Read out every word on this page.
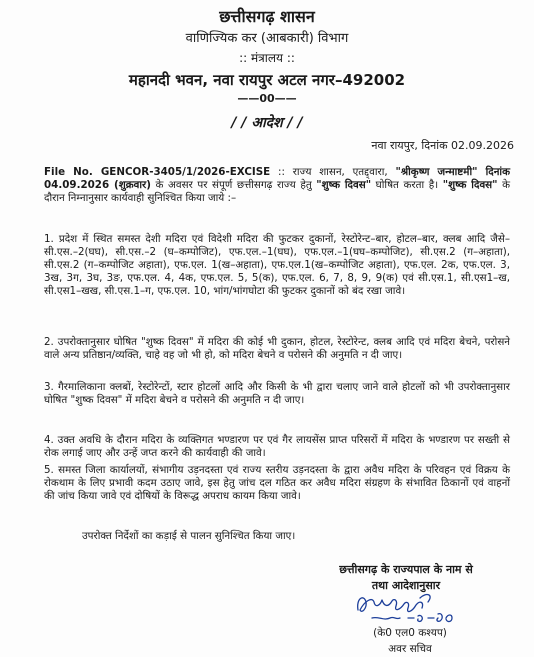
छत्तीसगढ़ शासन
वाणिज्यिक कर (आबकारी) विभाग
:: मंत्रालय ::
महानदी भवन, नवा रायपुर अटल नगर–492002
——00——
/ / आदेश / /
नवा रायपुर, दिनांक 02.09.2026
File No. GENCOR-3405/1/2026-EXCISE :: राज्य शासन, एतद्द्वारा, "श्रीकृष्ण जन्माष्टमी" दिनांक 04.09.2026 (शुक्रवार) के अवसर पर संपूर्ण छत्तीसगढ़ राज्य हेतु "शुष्क दिवस" घोषित करता है। "शुष्क दिवस" के दौरान निम्नानुसार कार्यवाही सुनिश्चित किया जाये :–
1. प्रदेश में स्थित समस्त देशी मदिरा एवं विदेशी मदिरा की फुटकर दुकानों, रेस्टोरेन्ट–बार, होटल–बार, क्लब आदि जैसे– सी.एस.–2(घघ), सी.एस.–2 (घ–कम्पोजिट), एफ.एल.–1(घघ), एफ.एल.–1(घघ–कम्पोजिट), सी.एस.2 (ग–अहाता), सी.एस.2 (ग–कम्पोजिट अहाता), एफ.एल. 1(ख–अहाता), एफ.एल.1(ख–कम्पोजिट अहाता), एफ.एल. 2क, एफ.एल. 3, 3ख, 3ग, 3घ, 3ङ, एफ.एल. 4, 4क, एफ.एल. 5, 5(क), एफ.एल. 6, 7, 8, 9, 9(क) एवं सी.एस.1, सी.एस1–ख, सी.एस1–खख, सी.एस.1–ग, एफ.एल. 10, भांग/भांगघोटा की फुटकर दुकानों को बंद रखा जावे।
2. उपरोक्तानुसार घोषित "शुष्क दिवस" में मदिरा की कोई भी दुकान, होटल, रेस्टोरेन्ट, क्लब आदि एवं मदिरा बेचने, परोसने वाले अन्य प्रतिष्ठान/व्यक्ति, चाहे वह जो भी हो, को मदिरा बेचने व परोसने की अनुमति न दी जाए।
3. गैरमालिकाना क्लबों, रेस्टोरेन्टों, स्टार होटलों आदि और किसी के भी द्वारा चलाए जाने वाले होटलों को भी उपरोक्तानुसार घोषित "शुष्क दिवस" में मदिरा बेचने व परोसने की अनुमति न दी जाए।
4. उक्त अवधि के दौरान मदिरा के व्यक्तिगत भण्डारण पर एवं गैर लायसेंस प्राप्त परिसरों में मदिरा के भण्डारण पर सख्ती से रोक लगाई जाए और उन्हें जप्त करने की कार्यवाही की जावे।
5. समस्त जिला कार्यालयों, संभागीय उड़नदस्ता एवं राज्य स्तरीय उड़नदस्ता के द्वारा अवैध मदिरा के परिवहन एवं विक्रय के रोकथाम के लिए प्रभावी कदम उठाए जावे, इस हेतु जांच दल गठित कर अवैध मदिरा संग्रहण के संभावित ठिकानों एवं वाहनों की जांच किया जावे एवं दोषियों के विरूद्ध अपराध कायम किया जावे।
उपरोक्त निर्देशों का कड़ाई से पालन सुनिश्चित किया जाए।
छत्तीसगढ़ के राज्यपाल के नाम से
तथा आदेशानुसार
(के0 एल0 कश्यप)
अवर सचिव
